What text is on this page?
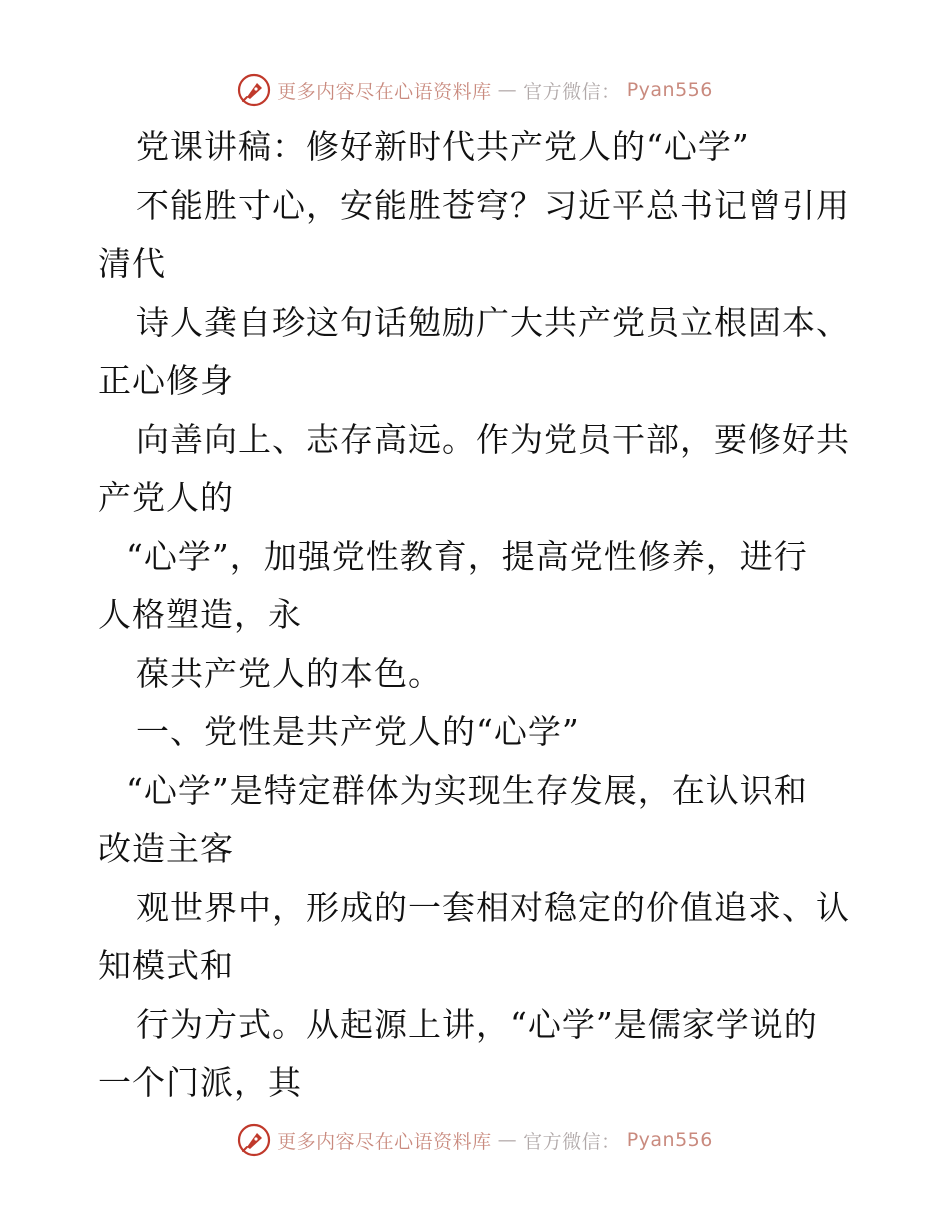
更多内容尽在心语资料库 — 官方微信： Pyan556
党课讲稿：修好新时代共产党人的“心学”
不能胜寸心，安能胜苍穹？习近平总书记曾引用
清代
诗人龚自珍这句话勉励广大共产党员立根固本、
正心修身
向善向上、志存高远。作为党员干部，要修好共
产党人的
“心学”，加强党性教育，提高党性修养，进行
人格塑造，永
葆共产党人的本色。
一、党性是共产党人的“心学”
“心学”是特定群体为实现生存发展，在认识和
改造主客
观世界中，形成的一套相对稳定的价值追求、认
知模式和
行为方式。从起源上讲，“心学”是儒家学说的
一个门派，其
更多内容尽在心语资料库 — 官方微信： Pyan556
